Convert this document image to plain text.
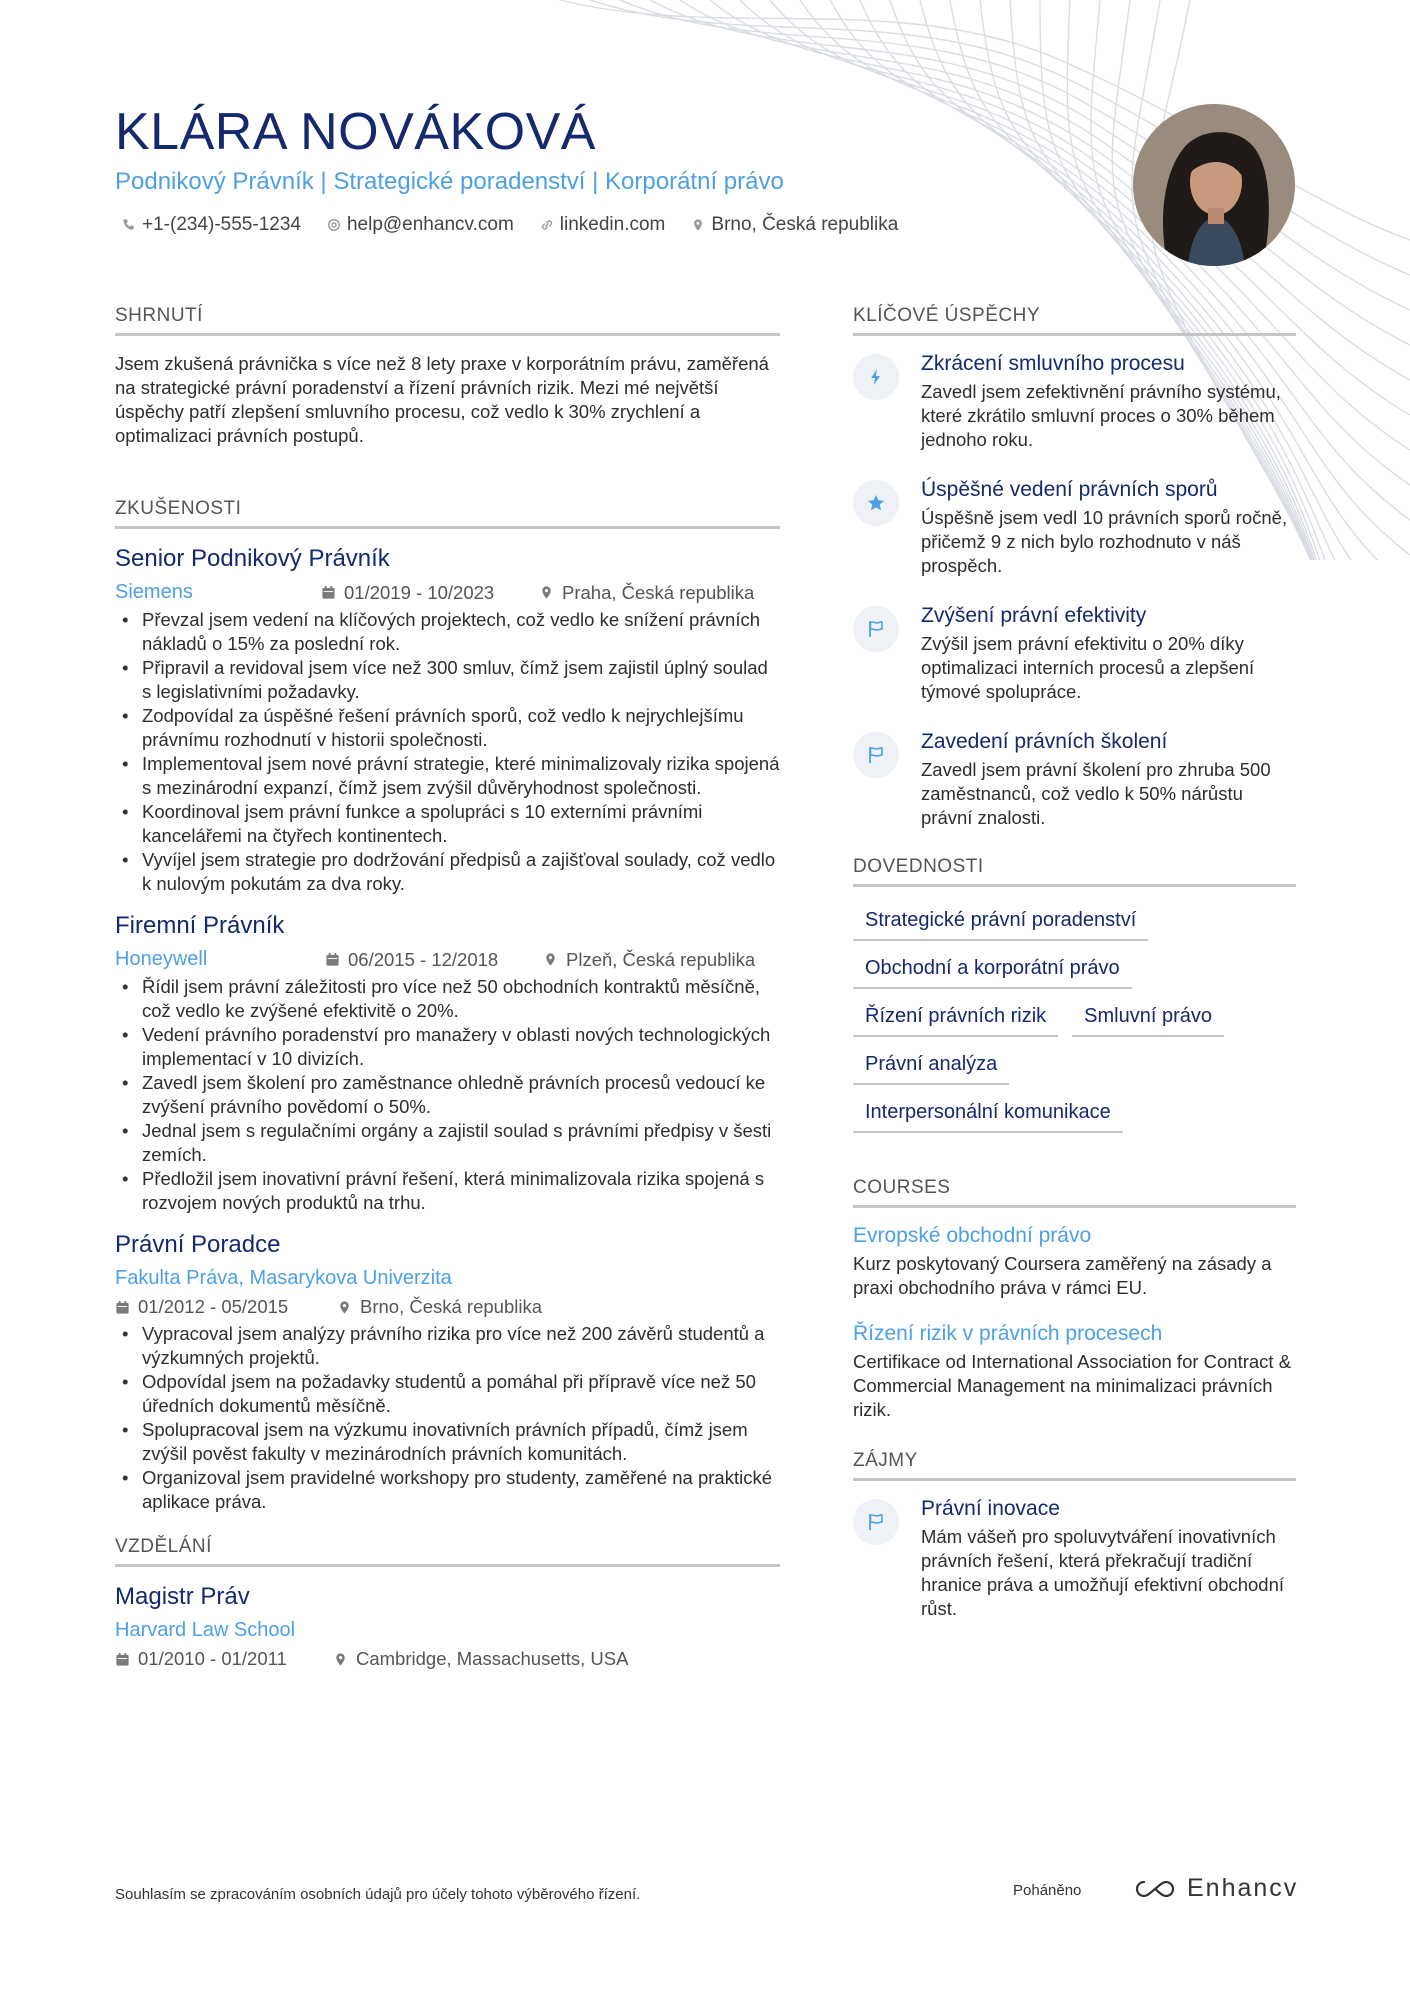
KLÁRA NOVÁKOVÁ
Podnikový Právník | Strategické poradenství | Korporátní právo
+1-(234)-555-1234 help@enhancv.com linkedin.com Brno, Česká republika
SHRNUTÍ
Jsem zkušená právnička s více než 8 lety praxe v korporátním právu, zaměřená na strategické právní poradenství a řízení právních rizik. Mezi mé největší úspěchy patří zlepšení smluvního procesu, což vedlo k 30% zrychlení a optimalizaci právních postupů.
ZKUŠENOSTI
Senior Podnikový Právník
Siemens	01/2019 - 10/2023	Praha, Česká republika
• Převzal jsem vedení na klíčových projektech, což vedlo ke snížení právních nákladů o 15% za poslední rok.
• Připravil a revidoval jsem více než 300 smluv, čímž jsem zajistil úplný soulad s legislativními požadavky.
• Zodpovídal za úspěšné řešení právních sporů, což vedlo k nejrychlejšímu právnímu rozhodnutí v historii společnosti.
• Implementoval jsem nové právní strategie, které minimalizovaly rizika spojená s mezinárodní expanzí, čímž jsem zvýšil důvěryhodnost společnosti.
• Koordinoval jsem právní funkce a spolupráci s 10 externími právními kancelářemi na čtyřech kontinentech.
• Vyvíjel jsem strategie pro dodržování předpisů a zajišťoval soulady, což vedlo k nulovým pokutám za dva roky.
Firemní Právník
Honeywell	06/2015 - 12/2018	Plzeň, Česká republika
• Řídil jsem právní záležitosti pro více než 50 obchodních kontraktů měsíčně, což vedlo ke zvýšené efektivitě o 20%.
• Vedení právního poradenství pro manažery v oblasti nových technologických implementací v 10 divizích.
• Zavedl jsem školení pro zaměstnance ohledně právních procesů vedoucí ke zvýšení právního povědomí o 50%.
• Jednal jsem s regulačními orgány a zajistil soulad s právními předpisy v šesti zemích.
• Předložil jsem inovativní právní řešení, která minimalizovala rizika spojená s rozvojem nových produktů na trhu.
Právní Poradce
Fakulta Práva, Masarykova Univerzita
01/2012 - 05/2015	Brno, Česká republika
• Vypracoval jsem analýzy právního rizika pro více než 200 závěrů studentů a výzkumných projektů.
• Odpovídal jsem na požadavky studentů a pomáhal při přípravě více než 50 úředních dokumentů měsíčně.
• Spolupracoval jsem na výzkumu inovativních právních případů, čímž jsem zvýšil pověst fakulty v mezinárodních právních komunitách.
• Organizoval jsem pravidelné workshopy pro studenty, zaměřené na praktické aplikace práva.
VZDĚLÁNÍ
Magistr Práv
Harvard Law School
01/2010 - 01/2011	Cambridge, Massachusetts, USA
KLÍČOVÉ ÚSPĚCHY
Zkrácení smluvního procesu
Zavedl jsem zefektivnění právního systému, které zkrátilo smluvní proces o 30% během jednoho roku.
Úspěšné vedení právních sporů
Úspěšně jsem vedl 10 právních sporů ročně, přičemž 9 z nich bylo rozhodnuto v náš prospěch.
Zvýšení právní efektivity
Zvýšil jsem právní efektivitu o 20% díky optimalizaci interních procesů a zlepšení týmové spolupráce.
Zavedení právních školení
Zavedl jsem právní školení pro zhruba 500 zaměstnanců, což vedlo k 50% nárůstu právní znalosti.
DOVEDNOSTI
Strategické právní poradenství
Obchodní a korporátní právo
Řízení právních rizik	Smluvní právo
Právní analýza
Interpersonální komunikace
COURSES
Evropské obchodní právo
Kurz poskytovaný Coursera zaměřený na zásady a praxi obchodního práva v rámci EU.
Řízení rizik v právních procesech
Certifikace od International Association for Contract & Commercial Management na minimalizaci právních rizik.
ZÁJMY
Právní inovace
Mám vášeň pro spoluvytváření inovativních právních řešení, která překračují tradiční hranice práva a umožňují efektivní obchodní růst.
Souhlasím se zpracováním osobních údajů pro účely tohoto výběrového řízení.	Poháněno	Enhancv
